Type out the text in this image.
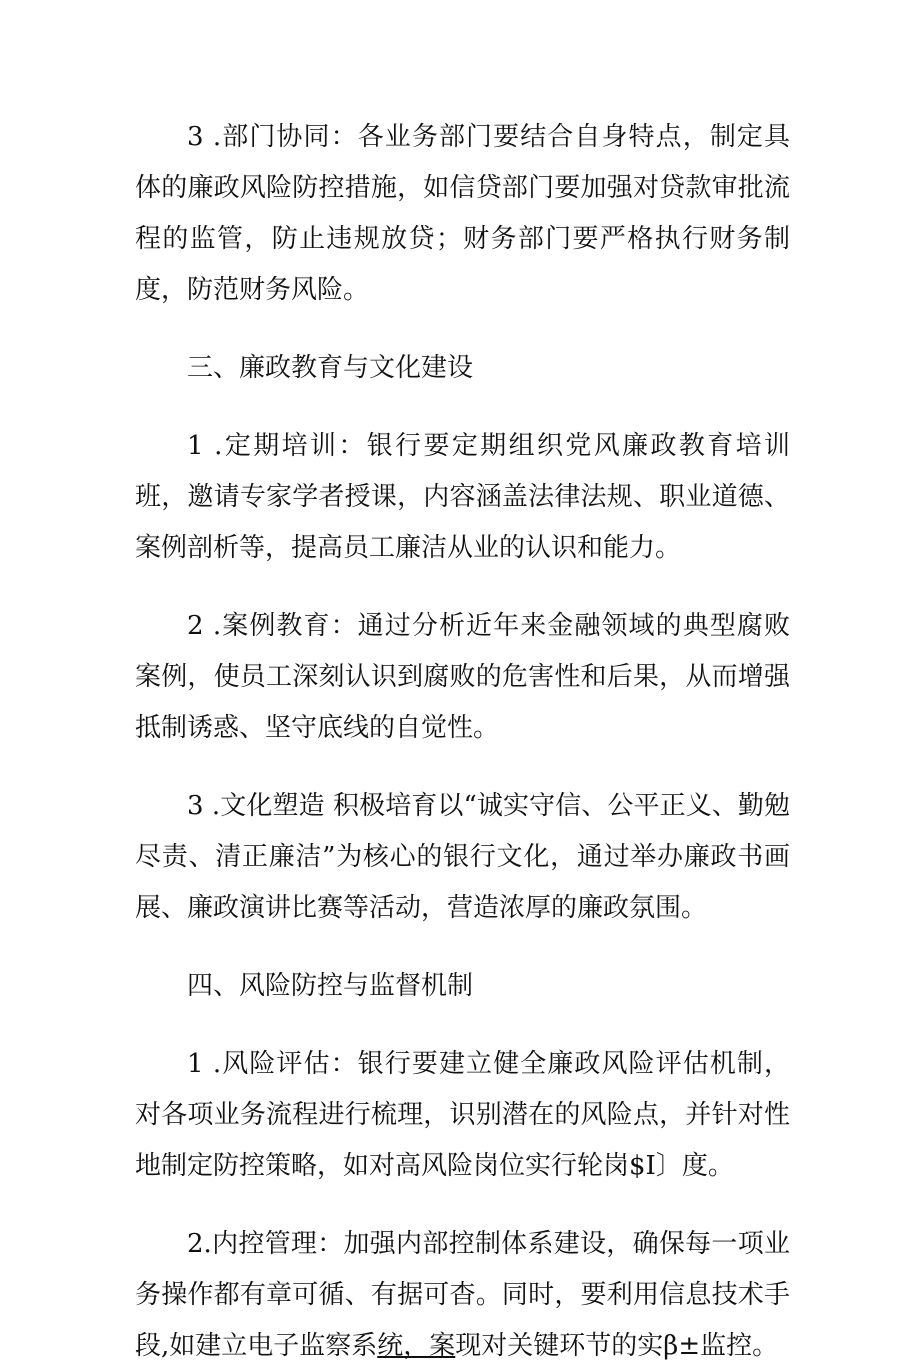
3 .部门协同：各业务部门要结合自身特点，制定具体的廉政风险防控措施，如信贷部门要加强对贷款审批流程的监管，防止违规放贷；财务部门要严格执行财务制度，防范财务风险。

三、廉政教育与文化建设

1 .定期培训：银行要定期组织党风廉政教育培训班，邀请专家学者授课，内容涵盖法律法规、职业道德、案例剖析等，提高员工廉洁从业的认识和能力。

2 .案例教育：通过分析近年来金融领域的典型腐败案例，使员工深刻认识到腐败的危害性和后果，从而增强抵制诱惑、坚守底线的自觉性。

3 .文化塑造 积极培育以“诚实守信、公平正义、勤勉尽责、清正廉洁”为核心的银行文化，通过举办廉政书画展、廉政演讲比赛等活动，营造浓厚的廉政氛围。

四、风险防控与监督机制

1 .风险评估：银行要建立健全廉政风险评估机制，对各项业务流程进行梳理，识别潜在的风险点，并针对性地制定防控策略，如对高风险岗位实行轮岗$I〕度。

2.内控管理：加强内部控制体系建设，确保每一项业务操作都有章可循、有据可杳。同时，要利用信息技术手段,如建立电子监察系统，案现对关键环节的实β±监控。
